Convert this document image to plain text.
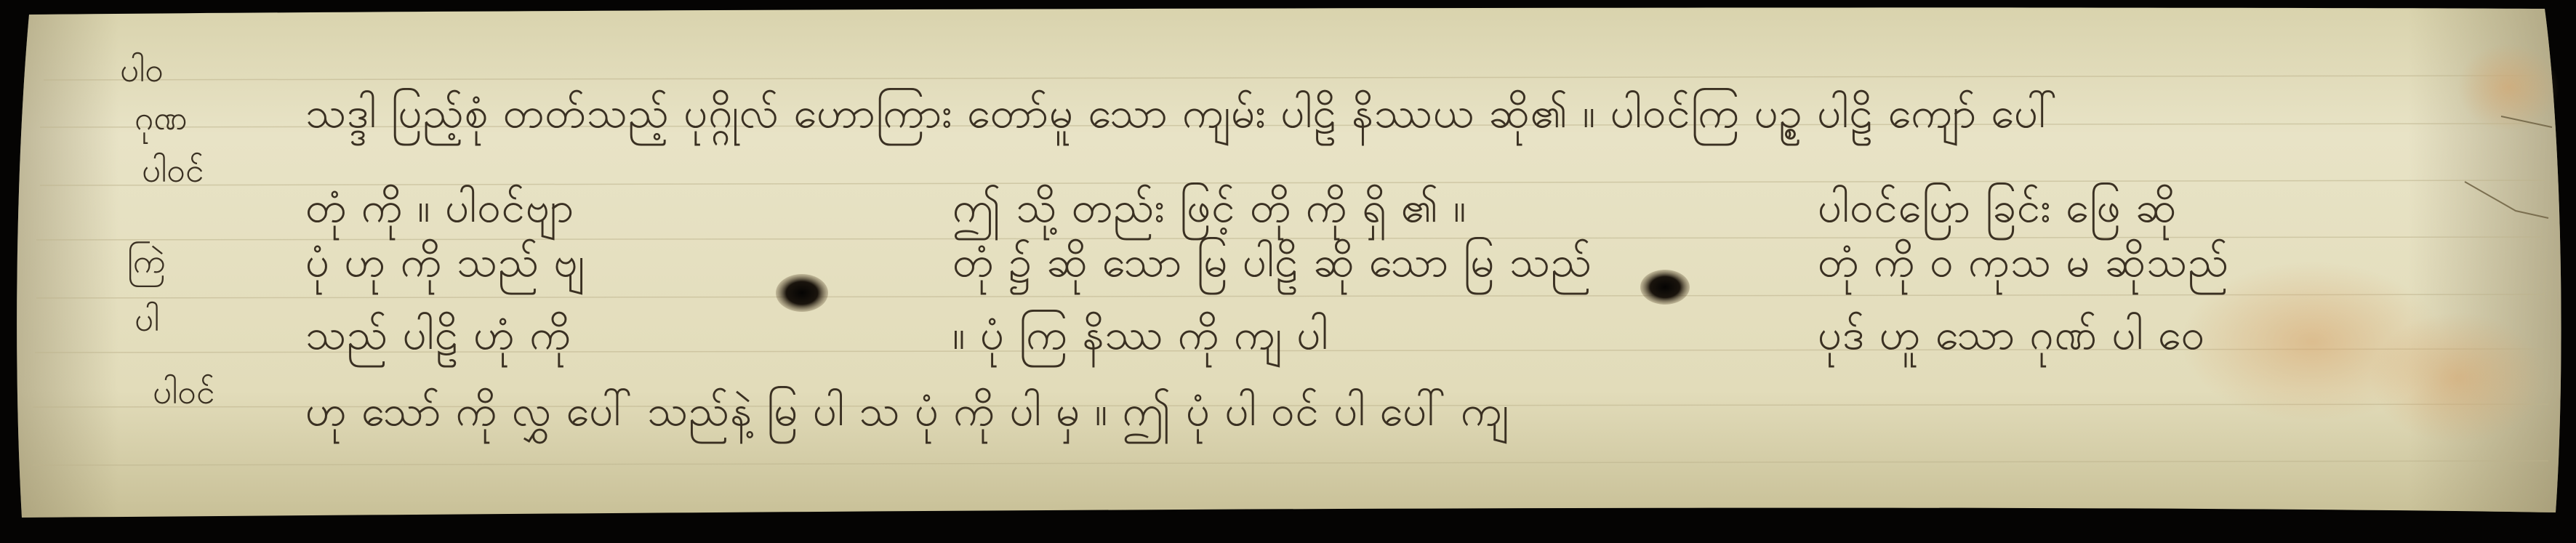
ပါဝ
ဂုဏ
ပါဝင်
ကြဲ
ပါ
ပါဝင်
သဒ္ဒါ ပြည့်စုံ တတ်သည့် ပုဂ္ဂိုလ် ဟောကြား တော်မူ သော ကျမ်း ပါဠိ နိဿယ ဆို၏ ။ ပါဝင်ကြ ပဉ္စ ပါဠိ ကျော် ပေါ်
တုံ ကို ။ ပါဝင်ဗျာ	ဤ သို့ တည်း ဖြင့် တို ကို ရှိ ၏ ။	ပါဝင်ပြော ခြင်း ဖြေ ဆို
ပုံ ဟု ကို သည် ဗျ	တုံ ၌ ဆို သော မြ ပါဠိ ဆို သော မြ သည်	တုံ ကို ဝ ကုသ မ ဆိုသည်
သည် ပါဠိ ဟုံ ကို	။ ပုံ ကြ နိဿ ကို ကျ ပါ	ပုဒ် ဟူ သော ဂုဏ် ပါ ဝေ
ဟု သော် ကို လွှ ပေါ် သည်နဲ့ မြ ပါ သ ပုံ ကို ပါ မှ ။ ဤ ပုံ ပါ ဝင် ပါ ပေါ် ကျ
